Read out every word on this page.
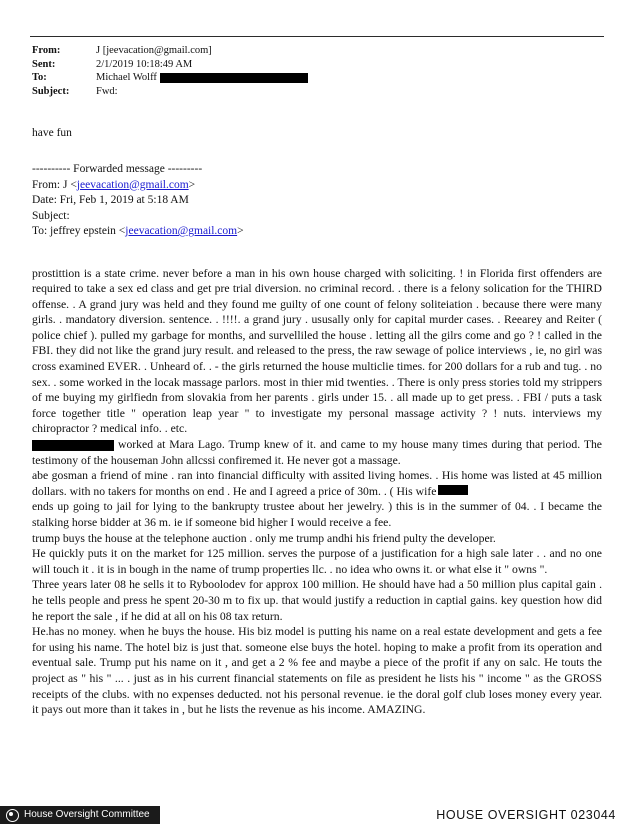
From:	J [jeevacation@gmail.com]
Sent:	2/1/2019 10:18:49 AM
To:	Michael Wolff
Subject:	Fwd:
have fun
---------- Forwarded message ---------
From: J <jeevacation@gmail.com>
Date: Fri, Feb 1, 2019 at 5:18 AM
Subject:
To: jeffrey epstein <jeevacation@gmail.com>

prostittion is a state crime. never before a man in his own house charged with soliciting. ! in Florida first offenders are required to take a sex ed class and get pre trial diversion. no criminal record. . there is a felony solication for the THIRD offense. . A grand jury was held and they found me guilty of one count of felony soliteiation . because there were many girls. . mandatory diversion. sentence. . !!!!. a grand jury . ususally only for capital murder cases. . Reearey and Reiter ( police chief ). pulled my garbage for months, and survelliled the house . letting all the gilrs come and go ? ! called in the FBI. they did not like the grand jury result. and released to the press, the raw sewage of police interviews , ie, no girl was cross examined EVER. . Unheard of. . - the girls returned the house multiclie times. for 200 dollars for a rub and tug. . no sex. . some worked in the locak massage parlors. most in thier mid twenties. . There is only press stories told my strippers of me buying my girlfiedn from slovakia from her parents . girls under 15. . all made up to get press. . FBI / puts a task force together title " operation leap year " to investigate my personal massage activity ? ! nuts. interviews my chiropractor ? medical info. . etc.

worked at Mara Lago. Trump knew of it. and came to my house many times during that period. The testimony of the houseman John allcssi confiremed it. He never got a massage.

abe gosman a friend of mine . ran into financial difficulty with assited living homes. . His home was listed at 45 million dollars. with no takers for months on end . He and I agreed a price of 30m. . ( His wife

ends up going to jail for lying to the bankrupty trustee about her jewelry. ) this is in the summer of 04. . I became the stalking horse bidder at 36 m. ie if someone bid higher I would receive a fee.

trump buys the house at the telephone auction . only me trump andhi his friend pulty the developer.

He quickly puts it on the market for 125 million. serves the purpose of a justification for a high sale later . . and no one will touch it . it is in bough in the name of trump properties llc. . no idea who owns it. or what else it " owns ".

Three years later 08 he sells it to Ryboolodev for approx 100 million. He should have had a 50 million plus capital gain . he tells people and press he spent 20-30 m to fix up. that would justify a reduction in captial gains. key question how did he report the sale , if he did at all on his 08 tax return.

He.has no money. when he buys the house. His biz model is putting his name on a real estate development and gets a fee for using his name. The hotel biz is just that. someone else buys the hotel. hoping to make a profit from its operation and eventual sale. Trump put his name on it , and get a 2 % fee and maybe a piece of the profit if any on salc. He touts the project as " his " ... . just as in his current financial statements on file as president he lists his " income " as the GROSS receipts of the clubs. with no expenses deducted. not his personal revenue. ie the doral golf club loses money every year. it pays out more than it takes in , but he lists the revenue as his income. AMAZING.

House Oversight Committee	HOUSE OVERSIGHT 023044
